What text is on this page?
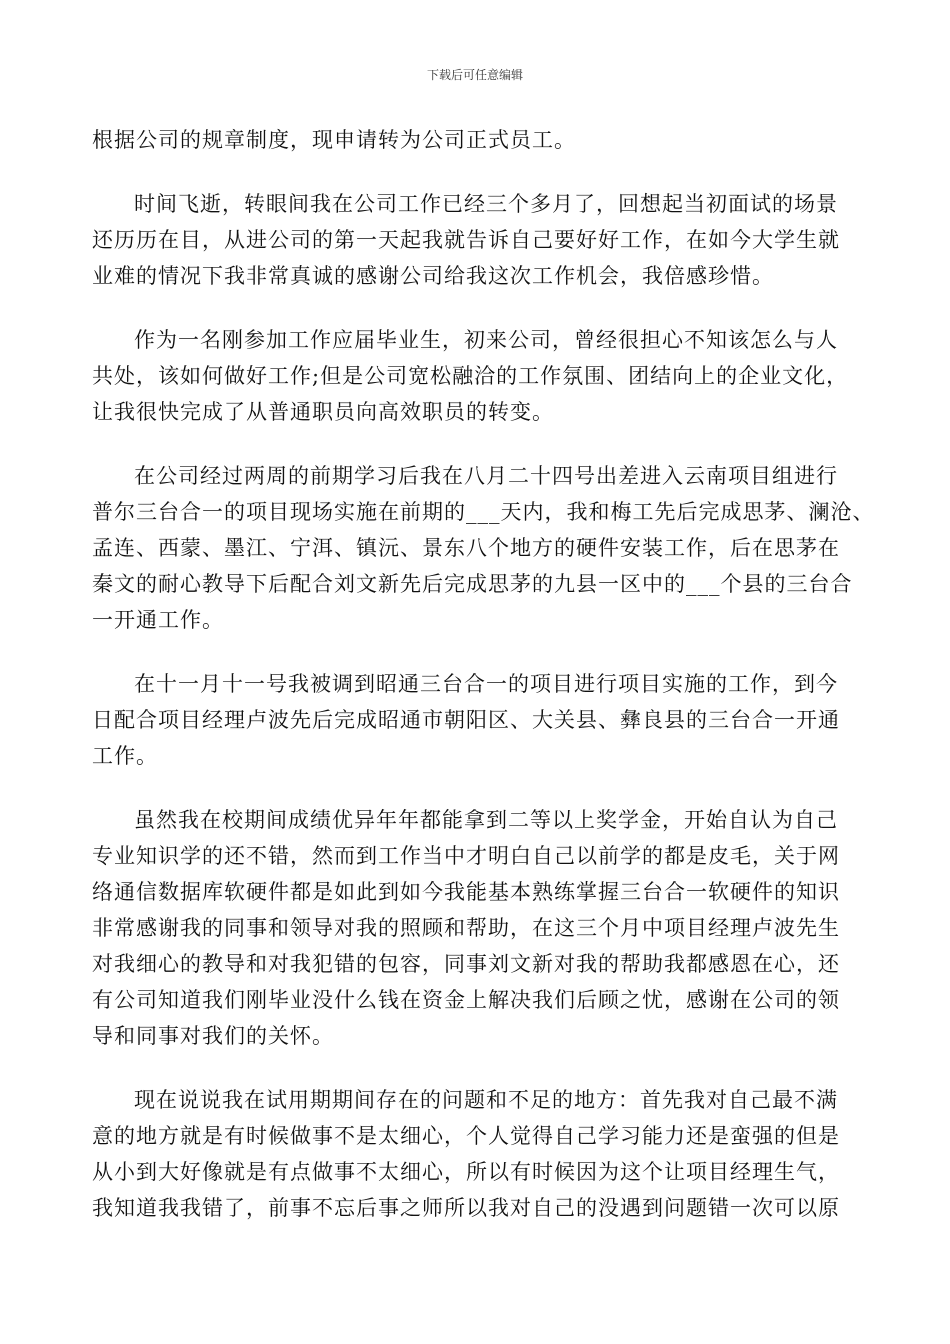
下载后可任意编辑

根据公司的规章制度，现申请转为公司正式员工。

时间飞逝，转眼间我在公司工作已经三个多月了，回想起当初面试的场景
还历历在目，从进公司的第一天起我就告诉自己要好好工作，在如今大学生就
业难的情况下我非常真诚的感谢公司给我这次工作机会，我倍感珍惜。

作为一名刚参加工作应届毕业生，初来公司，曾经很担心不知该怎么与人
共处，该如何做好工作;但是公司宽松融洽的工作氛围、团结向上的企业文化，
让我很快完成了从普通职员向高效职员的转变。

在公司经过两周的前期学习后我在八月二十四号出差进入云南项目组进行
普尔三台合一的项目现场实施在前期的___天内，我和梅工先后完成思茅、澜沧、
孟连、西蒙、墨江、宁洱、镇沅、景东八个地方的硬件安装工作，后在思茅在
秦文的耐心教导下后配合刘文新先后完成思茅的九县一区中的___个县的三台合
一开通工作。

在十一月十一号我被调到昭通三台合一的项目进行项目实施的工作，到今
日配合项目经理卢波先后完成昭通市朝阳区、大关县、彝良县的三台合一开通
工作。

虽然我在校期间成绩优异年年都能拿到二等以上奖学金，开始自认为自己
专业知识学的还不错，然而到工作当中才明白自己以前学的都是皮毛，关于网
络通信数据库软硬件都是如此到如今我能基本熟练掌握三台合一软硬件的知识
非常感谢我的同事和领导对我的照顾和帮助，在这三个月中项目经理卢波先生
对我细心的教导和对我犯错的包容，同事刘文新对我的帮助我都感恩在心，还
有公司知道我们刚毕业没什么钱在资金上解决我们后顾之忧，感谢在公司的领
导和同事对我们的关怀。

现在说说我在试用期期间存在的问题和不足的地方：首先我对自己最不满
意的地方就是有时候做事不是太细心，个人觉得自己学习能力还是蛮强的但是
从小到大好像就是有点做事不太细心，所以有时候因为这个让项目经理生气，
我知道我我错了，前事不忘后事之师所以我对自己的没遇到问题错一次可以原
